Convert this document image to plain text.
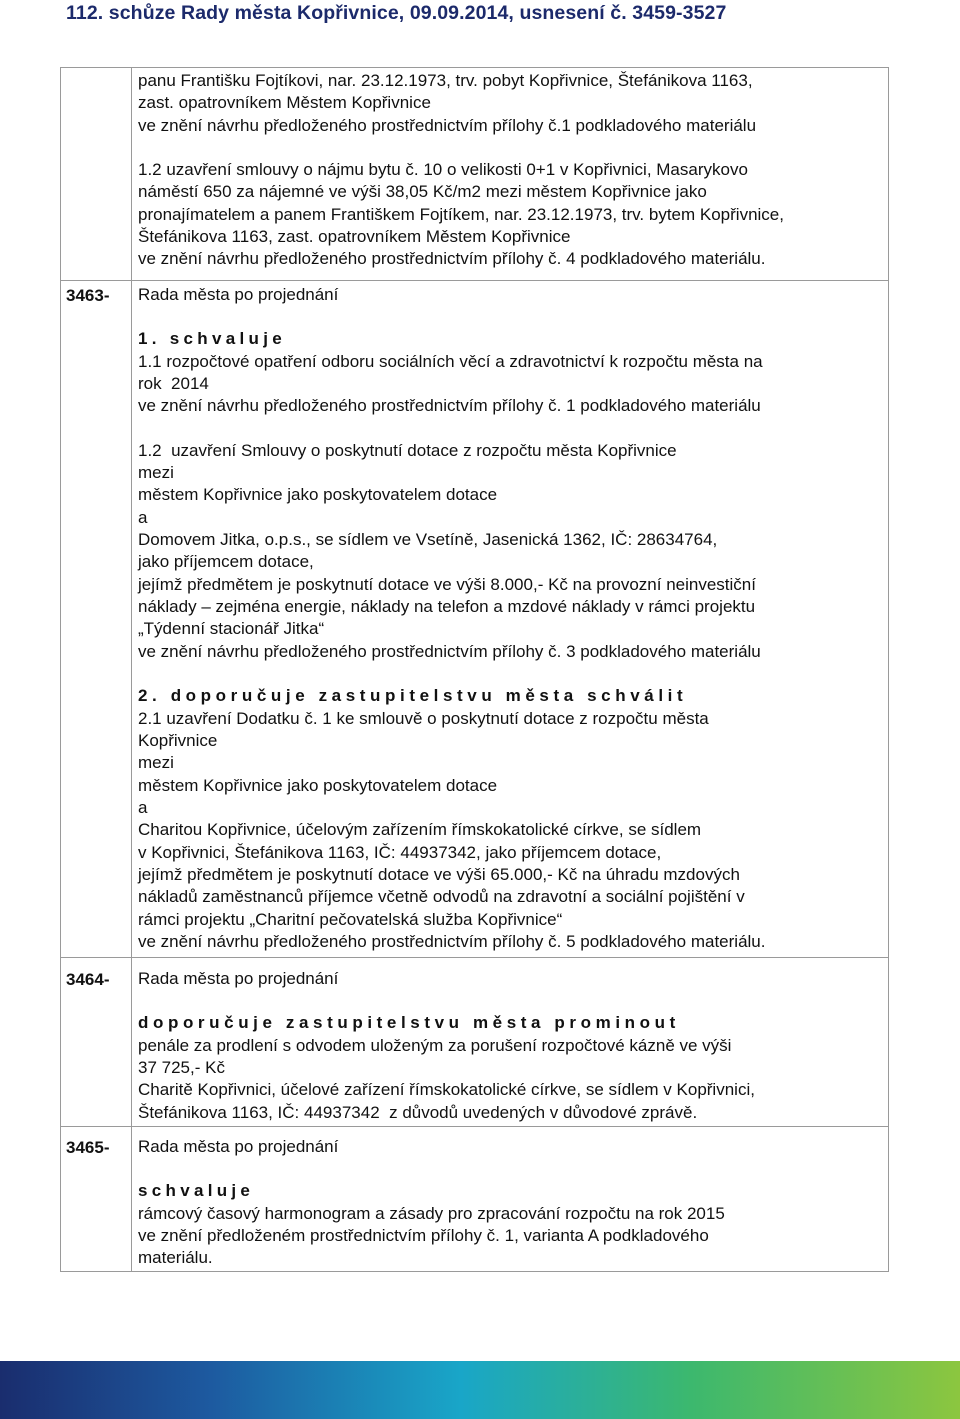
112. schůze Rady města Kopřivnice, 09.09.2014, usnesení č. 3459-3527

panu Františku Fojtíkovi, nar. 23.12.1973, trv. pobyt Kopřivnice, Štefánikova 1163,

zast. opatrovníkem Městem Kopřivnice

ve znění návrhu předloženého prostřednictvím přílohy č.1 podkladového materiálu

1.2 uzavření smlouvy o nájmu bytu č. 10 o velikosti 0+1 v Kopřivnici, Masarykovo

náměstí 650 za nájemné ve výši 38,05 Kč/m2 mezi městem Kopřivnice jako

pronajímatelem a panem Františkem Fojtíkem, nar. 23.12.1973, trv. bytem Kopřivnice,

Štefánikova 1163, zast. opatrovníkem Městem Kopřivnice

ve znění návrhu předloženého prostřednictvím přílohy č. 4 podkladového materiálu.

3463- Rada města po projednání

1. schvaluje

1.1 rozpočtové opatření odboru sociálních věcí a zdravotnictví k rozpočtu města na

rok  2014

ve znění návrhu předloženého prostřednictvím přílohy č. 1 podkladového materiálu

1.2  uzavření Smlouvy o poskytnutí dotace z rozpočtu města Kopřivnice

mezi

městem Kopřivnice jako poskytovatelem dotace

a

Domovem Jitka, o.p.s., se sídlem ve Vsetíně, Jasenická 1362, IČ: 28634764,

jako příjemcem dotace,

jejímž předmětem je poskytnutí dotace ve výši 8.000,- Kč na provozní neinvestiční

náklady – zejména energie, náklady na telefon a mzdové náklady v rámci projektu

„Týdenní stacionář Jitka“

ve znění návrhu předloženého prostřednictvím přílohy č. 3 podkladového materiálu

2. doporučuje zastupitelstvu města schválit

2.1 uzavření Dodatku č. 1 ke smlouvě o poskytnutí dotace z rozpočtu města

Kopřivnice

mezi

městem Kopřivnice jako poskytovatelem dotace

a

Charitou Kopřivnice, účelovým zařízením římskokatolické církve, se sídlem

v Kopřivnici, Štefánikova 1163, IČ: 44937342, jako příjemcem dotace,

jejímž předmětem je poskytnutí dotace ve výši 65.000,- Kč na úhradu mzdových

nákladů zaměstnanců příjemce včetně odvodů na zdravotní a sociální pojištění v

rámci projektu „Charitní pečovatelská služba Kopřivnice“

ve znění návrhu předloženého prostřednictvím přílohy č. 5 podkladového materiálu.

3464- Rada města po projednání

doporučuje zastupitelstvu města prominout

penále za prodlení s odvodem uloženým za porušení rozpočtové kázně ve výši

37 725,- Kč

Charitě Kopřivnici, účelové zařízení římskokatolické církve, se sídlem v Kopřivnici,

Štefánikova 1163, IČ: 44937342  z důvodů uvedených v důvodové zprávě.

3465- Rada města po projednání

schvaluje

rámcový časový harmonogram a zásady pro zpracování rozpočtu na rok 2015

ve znění předloženém prostřednictvím přílohy č. 1, varianta A podkladového

materiálu.
